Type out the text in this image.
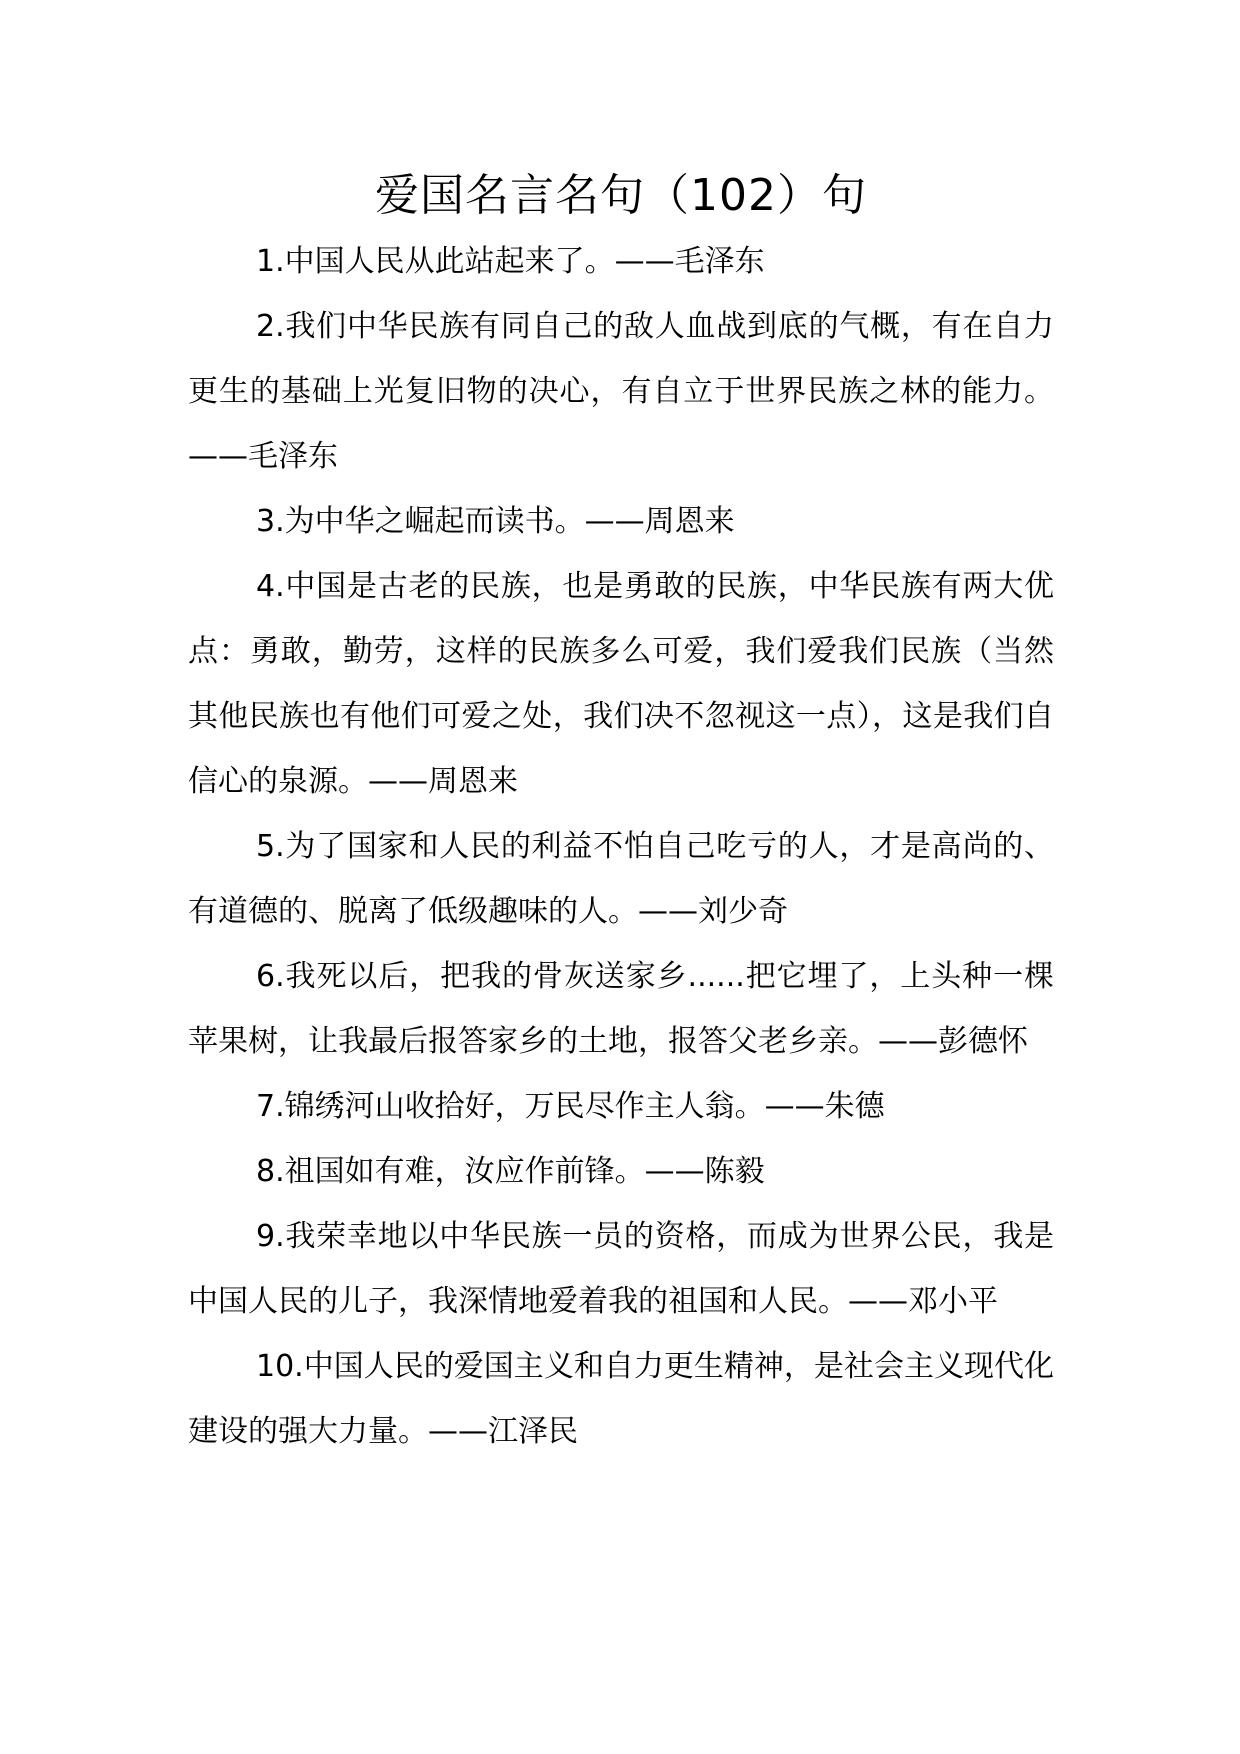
爱国名言名句（102）句

1.中国人民从此站起来了。——毛泽东

2.我们中华民族有同自己的敌人血战到底的气概，有在自力更生的基础上光复旧物的决心，有自立于世界民族之林的能力。——毛泽东

3.为中华之崛起而读书。——周恩来

4.中国是古老的民族，也是勇敢的民族，中华民族有两大优点：勇敢，勤劳，这样的民族多么可爱，我们爱我们民族（当然其他民族也有他们可爱之处，我们决不忽视这一点），这是我们自信心的泉源。——周恩来

5.为了国家和人民的利益不怕自己吃亏的人，才是高尚的、有道德的、脱离了低级趣味的人。——刘少奇

6.我死以后，把我的骨灰送家乡......把它埋了，上头种一棵苹果树，让我最后报答家乡的土地，报答父老乡亲。——彭德怀

7.锦绣河山收拾好，万民尽作主人翁。——朱德

8.祖国如有难，汝应作前锋。——陈毅

9.我荣幸地以中华民族一员的资格，而成为世界公民，我是中国人民的儿子，我深情地爱着我的祖国和人民。——邓小平

10.中国人民的爱国主义和自力更生精神，是社会主义现代化建设的强大力量。——江泽民
